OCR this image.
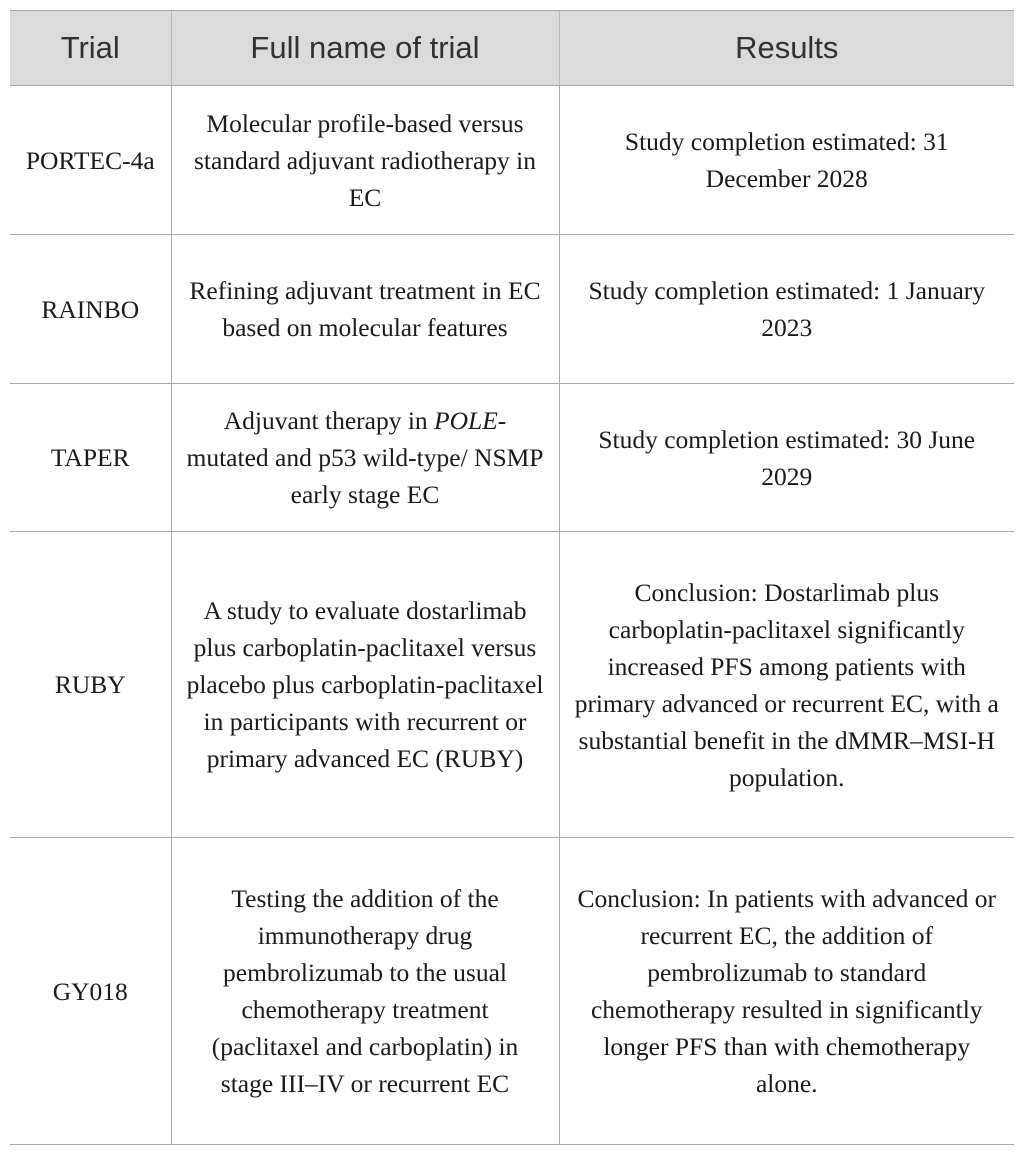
Trial	Full name of trial	Results
PORTEC-4a	Molecular profile-based versus standard adjuvant radiotherapy in EC	Study completion estimated: 31 December 2028
RAINBO	Refining adjuvant treatment in EC based on molecular features	Study completion estimated: 1 January 2023
TAPER	Adjuvant therapy in POLE-mutated and p53 wild-type/ NSMP early stage EC	Study completion estimated: 30 June 2029
RUBY	A study to evaluate dostarlimab plus carboplatin-paclitaxel versus placebo plus carboplatin-paclitaxel in participants with recurrent or primary advanced EC (RUBY)	Conclusion: Dostarlimab plus carboplatin-paclitaxel significantly increased PFS among patients with primary advanced or recurrent EC, with a substantial benefit in the dMMR–MSI-H population.
GY018	Testing the addition of the immunotherapy drug pembrolizumab to the usual chemotherapy treatment (paclitaxel and carboplatin) in stage III–IV or recurrent EC	Conclusion: In patients with advanced or recurrent EC, the addition of pembrolizumab to standard chemotherapy resulted in significantly longer PFS than with chemotherapy alone.
